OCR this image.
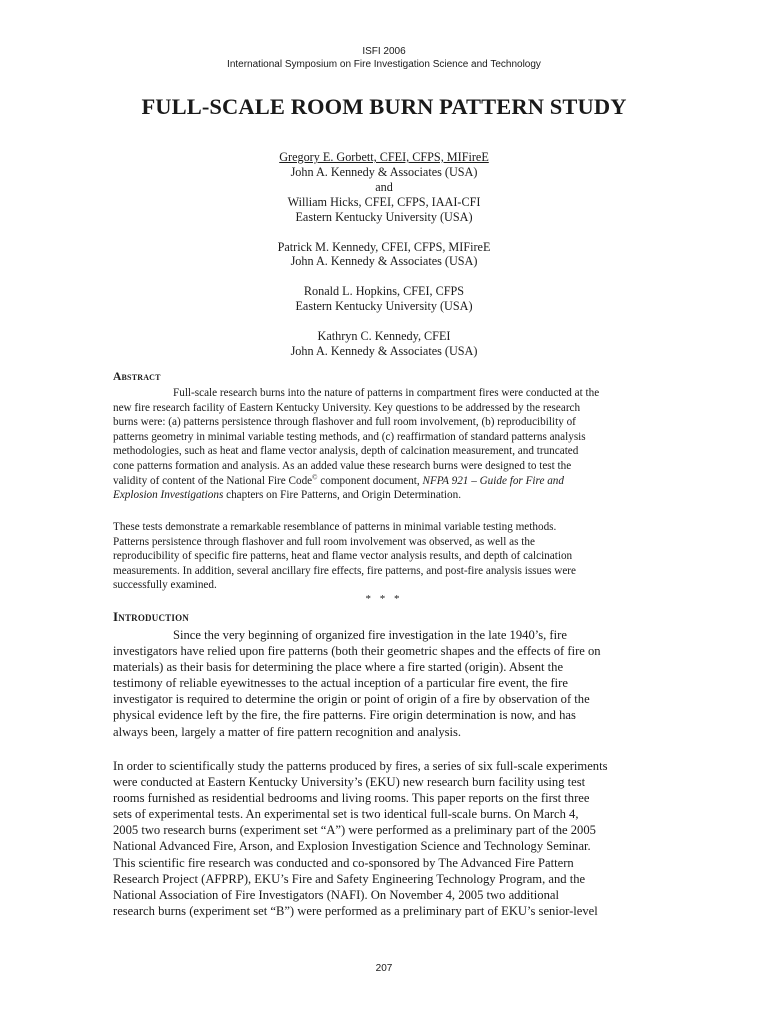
ISFI 2006
International Symposium on Fire Investigation Science and Technology
FULL-SCALE ROOM BURN PATTERN STUDY
Gregory E. Gorbett, CFEI, CFPS, MIFireE
John A. Kennedy & Associates (USA)
and
William Hicks, CFEI, CFPS, IAAI-CFI
Eastern Kentucky University (USA)
Patrick M. Kennedy, CFEI, CFPS, MIFireE
John A. Kennedy & Associates (USA)
Ronald L. Hopkins, CFEI, CFPS
Eastern Kentucky University (USA)
Kathryn C. Kennedy, CFEI
John A. Kennedy & Associates (USA)
Abstract
Full-scale research burns into the nature of patterns in compartment fires were conducted at the
new fire research facility of Eastern Kentucky University. Key questions to be addressed by the research
burns were: (a) patterns persistence through flashover and full room involvement, (b) reproducibility of
patterns geometry in minimal variable testing methods, and (c) reaffirmation of standard patterns analysis
methodologies, such as heat and flame vector analysis, depth of calcination measurement, and truncated
cone patterns formation and analysis. As an added value these research burns were designed to test the
validity of content of the National Fire Code© component document, NFPA 921 – Guide for Fire and
Explosion Investigations chapters on Fire Patterns, and Origin Determination.
These tests demonstrate a remarkable resemblance of patterns in minimal variable testing methods.
Patterns persistence through flashover and full room involvement was observed, as well as the
reproducibility of specific fire patterns, heat and flame vector analysis results, and depth of calcination
measurements. In addition, several ancillary fire effects, fire patterns, and post-fire analysis issues were
successfully examined.
* * *
Introduction
Since the very beginning of organized fire investigation in the late 1940’s, fire
investigators have relied upon fire patterns (both their geometric shapes and the effects of fire on
materials) as their basis for determining the place where a fire started (origin). Absent the
testimony of reliable eyewitnesses to the actual inception of a particular fire event, the fire
investigator is required to determine the origin or point of origin of a fire by observation of the
physical evidence left by the fire, the fire patterns. Fire origin determination is now, and has
always been, largely a matter of fire pattern recognition and analysis.
In order to scientifically study the patterns produced by fires, a series of six full-scale experiments
were conducted at Eastern Kentucky University’s (EKU) new research burn facility using test
rooms furnished as residential bedrooms and living rooms. This paper reports on the first three
sets of experimental tests. An experimental set is two identical full-scale burns. On March 4,
2005 two research burns (experiment set “A”) were performed as a preliminary part of the 2005
National Advanced Fire, Arson, and Explosion Investigation Science and Technology Seminar.
This scientific fire research was conducted and co-sponsored by The Advanced Fire Pattern
Research Project (AFPRP), EKU’s Fire and Safety Engineering Technology Program, and the
National Association of Fire Investigators (NAFI). On November 4, 2005 two additional
research burns (experiment set “B”) were performed as a preliminary part of EKU’s senior-level
207
